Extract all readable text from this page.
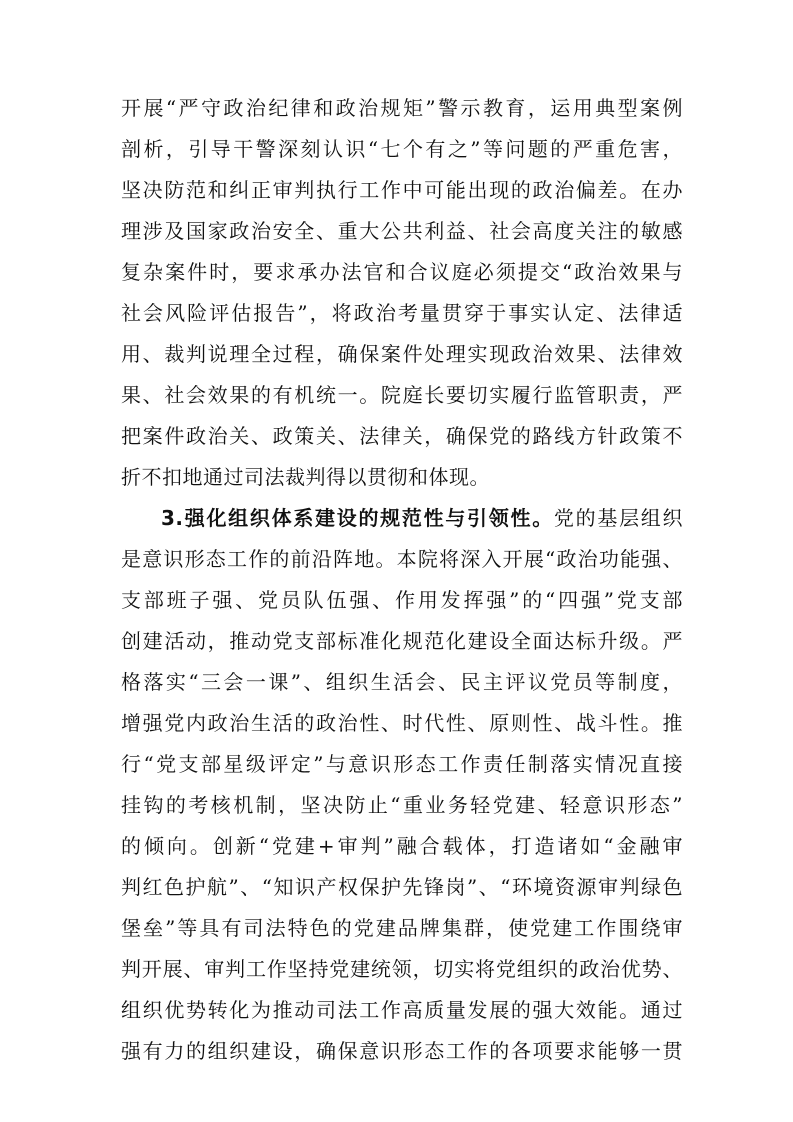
开展“严守政治纪律和政治规矩”警示教育，运用典型案例
剖析，引导干警深刻认识“七个有之”等问题的严重危害，
坚决防范和纠正审判执行工作中可能出现的政治偏差。在办
理涉及国家政治安全、重大公共利益、社会高度关注的敏感
复杂案件时，要求承办法官和合议庭必须提交“政治效果与
社会风险评估报告”，将政治考量贯穿于事实认定、法律适
用、裁判说理全过程，确保案件处理实现政治效果、法律效
果、社会效果的有机统一。院庭长要切实履行监管职责，严
把案件政治关、政策关、法律关，确保党的路线方针政策不
折不扣地通过司法裁判得以贯彻和体现。
3.强化组织体系建设的规范性与引领性。党的基层组织
是意识形态工作的前沿阵地。本院将深入开展“政治功能强、
支部班子强、党员队伍强、作用发挥强”的“四强”党支部
创建活动，推动党支部标准化规范化建设全面达标升级。严
格落实“三会一课”、组织生活会、民主评议党员等制度，
增强党内政治生活的政治性、时代性、原则性、战斗性。推
行“党支部星级评定”与意识形态工作责任制落实情况直接
挂钩的考核机制，坚决防止“重业务轻党建、轻意识形态”
的倾向。创新“党建+审判”融合载体，打造诸如“金融审
判红色护航”、“知识产权保护先锋岗”、“环境资源审判绿色
堡垒”等具有司法特色的党建品牌集群，使党建工作围绕审
判开展、审判工作坚持党建统领，切实将党组织的政治优势、
组织优势转化为推动司法工作高质量发展的强大效能。通过
强有力的组织建设，确保意识形态工作的各项要求能够一贯
